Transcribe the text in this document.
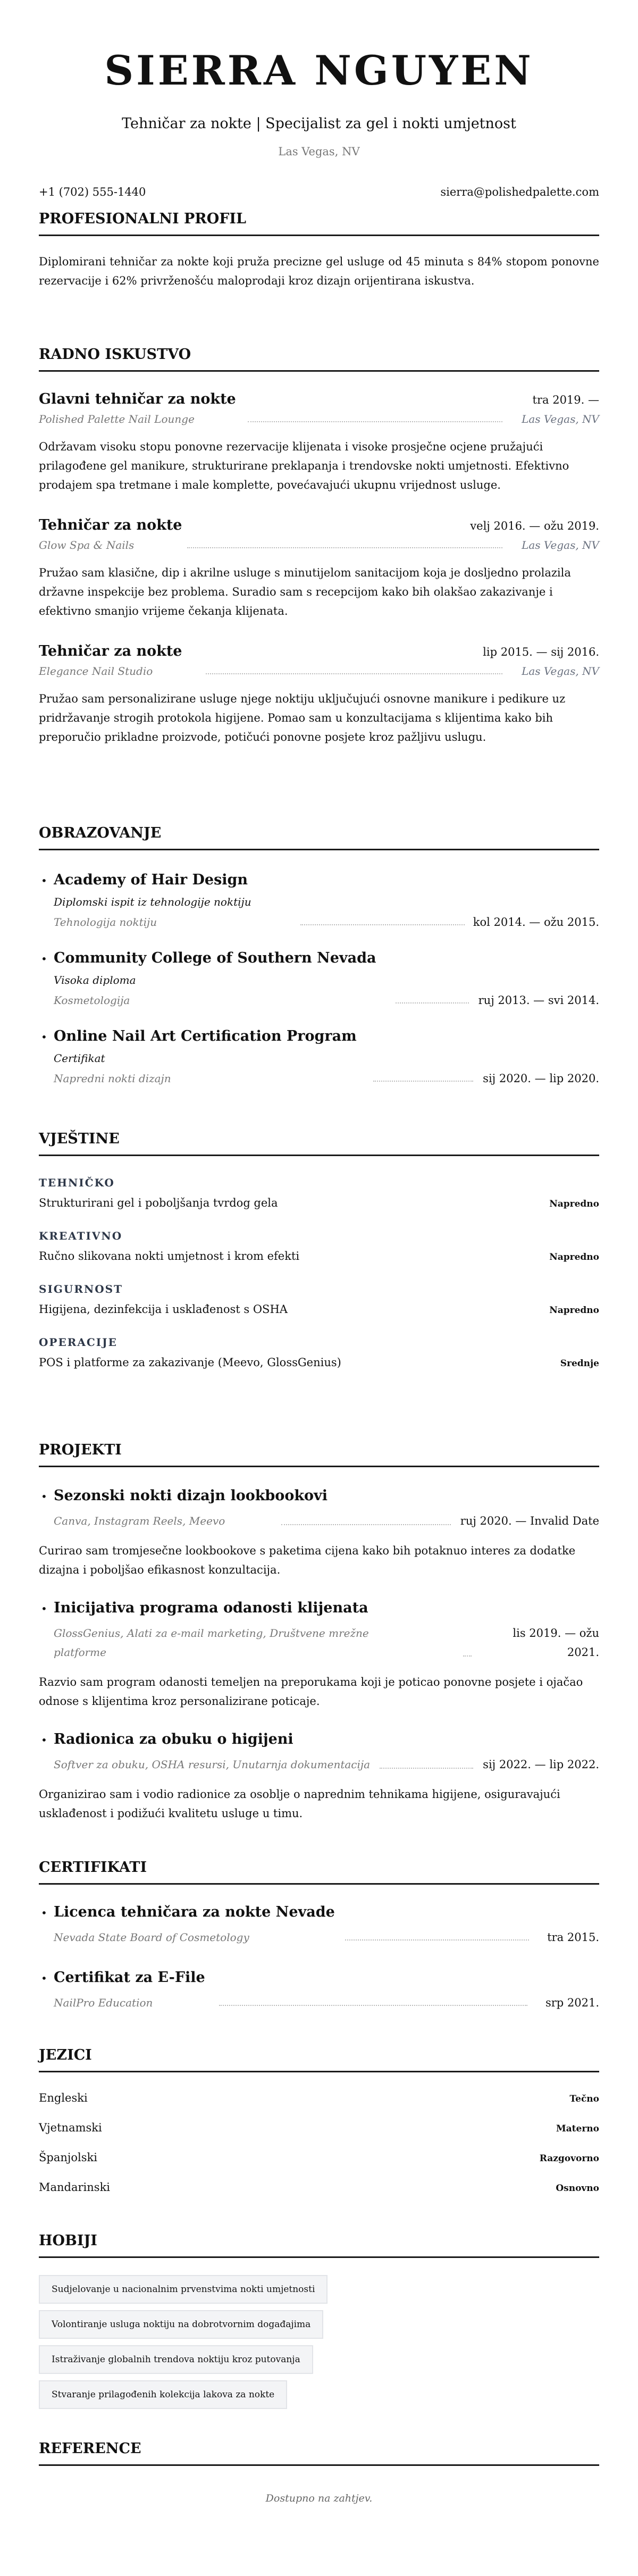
SIERRA NGUYEN
Tehničar za nokte | Specijalist za gel i nokti umjetnost
Las Vegas, NV
+1 (702) 555-1440	sierra@polishedpalette.com
PROFESIONALNI PROFIL
Diplomirani tehničar za nokte koji pruža precizne gel usluge od 45 minuta s 84% stopom ponovne rezervacije i 62% privrženošću maloprodaji kroz dizajn orijentirana iskustva.
RADNO ISKUSTVO
Glavni tehničar za nokte	tra 2019. —
Polished Palette Nail Lounge	Las Vegas, NV
Održavam visoku stopu ponovne rezervacije klijenata i visoke prosječne ocjene pružajući prilagođene gel manikure, strukturirane preklapanja i trendovske nokti umjetnosti. Efektivno prodajem spa tretmane i male komplette, povećavajući ukupnu vrijednost usluge.
Tehničar za nokte	velj 2016. — ožu 2019.
Glow Spa & Nails	Las Vegas, NV
Pružao sam klasične, dip i akrilne usluge s minutijelom sanitacijom koja je dosljedno prolazila državne inspekcije bez problema. Suradio sam s recepcijom kako bih olakšao zakazivanje i efektivno smanjio vrijeme čekanja klijenata.
Tehničar za nokte	lip 2015. — sij 2016.
Elegance Nail Studio	Las Vegas, NV
Pružao sam personalizirane usluge njege noktiju uključujući osnovne manikure i pedikure uz pridržavanje strogih protokola higijene. Pomao sam u konzultacijama s klijentima kako bih preporučio prikladne proizvode, potičući ponovne posjete kroz pažljivu uslugu.
OBRAZOVANJE
• Academy of Hair Design
Diplomski ispit iz tehnologije noktiju
Tehnologija noktiju	kol 2014. — ožu 2015.
• Community College of Southern Nevada
Visoka diploma
Kosmetologija	ruj 2013. — svi 2014.
• Online Nail Art Certification Program
Certifikat
Napredni nokti dizajn	sij 2020. — lip 2020.
VJEŠTINE
TEHNIČKO
Strukturirani gel i poboljšanja tvrdog gela	Napredno
KREATIVNO
Ručno slikovana nokti umjetnost i krom efekti	Napredno
SIGURNOST
Higijena, dezinfekcija i usklađenost s OSHA	Napredno
OPERACIJE
POS i platforme za zakazivanje (Meevo, GlossGenius)	Srednje
PROJEKTI
• Sezonski nokti dizajn lookbookovi
Canva, Instagram Reels, Meevo	ruj 2020. — Invalid Date
Curirao sam tromjesečne lookbookove s paketima cijena kako bih potaknuo interes za dodatke dizajna i poboljšao efikasnost konzultacija.
• Inicijativa programa odanosti klijenata
GlossGenius, Alati za e-mail marketing, Društvene mrežne platforme
lis 2019. — ožu 2021.
Razvio sam program odanosti temeljen na preporukama koji je poticao ponovne posjete i ojačao odnose s klijentima kroz personalizirane poticaje.
• Radionica za obuku o higijeni
Softver za obuku, OSHA resursi, Unutarnja dokumentacija	sij 2022. — lip 2022.
Organizirao sam i vodio radionice za osoblje o naprednim tehnikama higijene, osiguravajući usklađenost i podižući kvalitetu usluge u timu.
CERTIFIKATI
• Licenca tehničara za nokte Nevade
Nevada State Board of Cosmetology	tra 2015.
• Certifikat za E-File
NailPro Education	srp 2021.
JEZICI
Engleski	Tečno
Vjetnamski	Materno
Španjolski	Razgovorno
Mandarinski	Osnovno
HOBIJI
Sudjelovanje u nacionalnim prvenstvima nokti umjetnosti
Volontiranje usluga noktiju na dobrotvornim događajima
Istraživanje globalnih trendova noktiju kroz putovanja
Stvaranje prilagođenih kolekcija lakova za nokte
REFERENCE
Dostupno na zahtjev.
